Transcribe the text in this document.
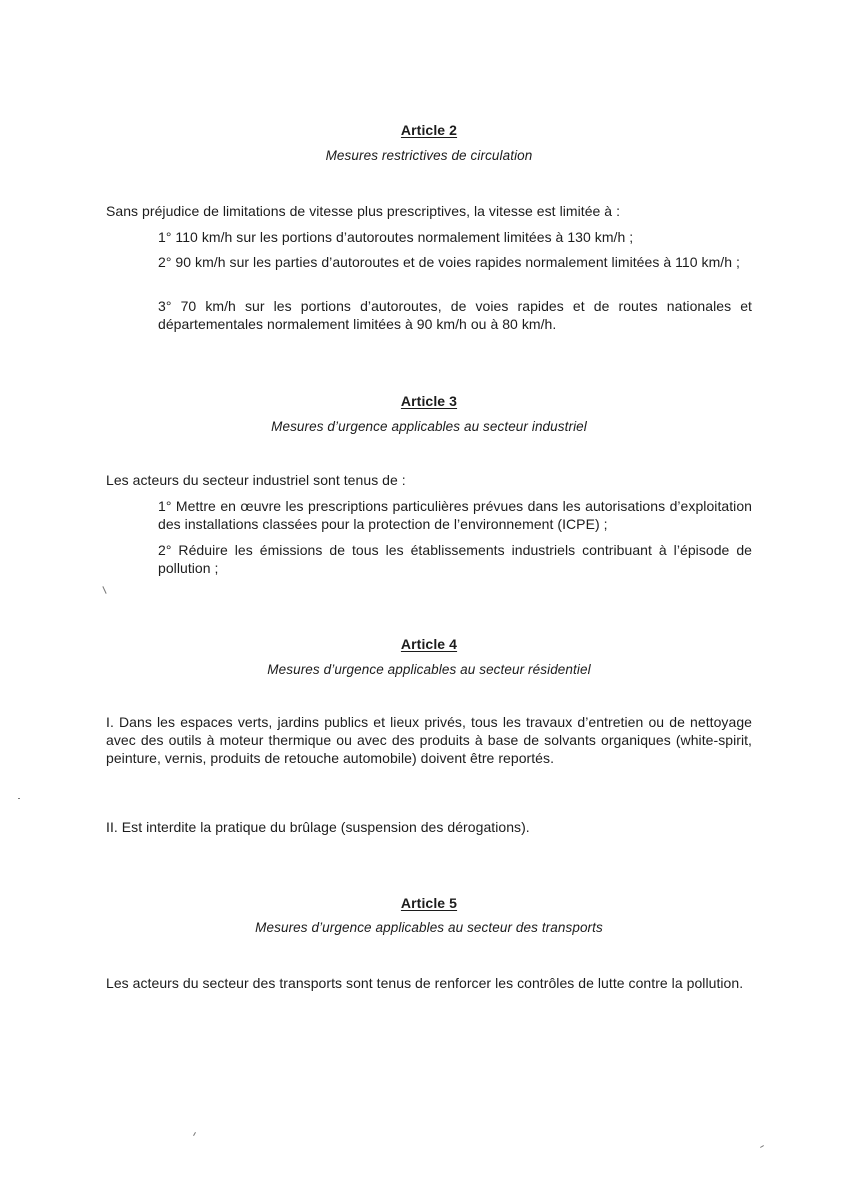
Article 2
Mesures restrictives de circulation
Sans préjudice de limitations de vitesse plus prescriptives, la vitesse est limitée à :
1° 110 km/h sur les portions d’autoroutes normalement limitées à 130 km/h ;
2° 90 km/h sur les parties d’autoroutes et de voies rapides normalement limitées à 110 km/h ;
3° 70 km/h sur les portions d’autoroutes, de voies rapides et de routes nationales et départementales normalement limitées à 90 km/h ou à 80 km/h.
Article 3
Mesures d’urgence applicables au secteur industriel
Les acteurs du secteur industriel sont tenus de :
1° Mettre en œuvre les prescriptions particulières prévues dans les autorisations d’exploitation des installations classées pour la protection de l’environnement (ICPE) ;
2° Réduire les émissions de tous les établissements industriels contribuant à l’épisode de pollution ;
Article 4
Mesures d’urgence applicables au secteur résidentiel
I. Dans les espaces verts, jardins publics et lieux privés, tous les travaux d’entretien ou de nettoyage avec des outils à moteur thermique ou avec des produits à base de solvants organiques (white-spirit, peinture, vernis, produits de retouche automobile) doivent être reportés.
II. Est interdite la pratique du brûlage (suspension des dérogations).
Article 5
Mesures d’urgence applicables au secteur des transports
Les acteurs du secteur des transports sont tenus de renforcer les contrôles de lutte contre la pollution.
